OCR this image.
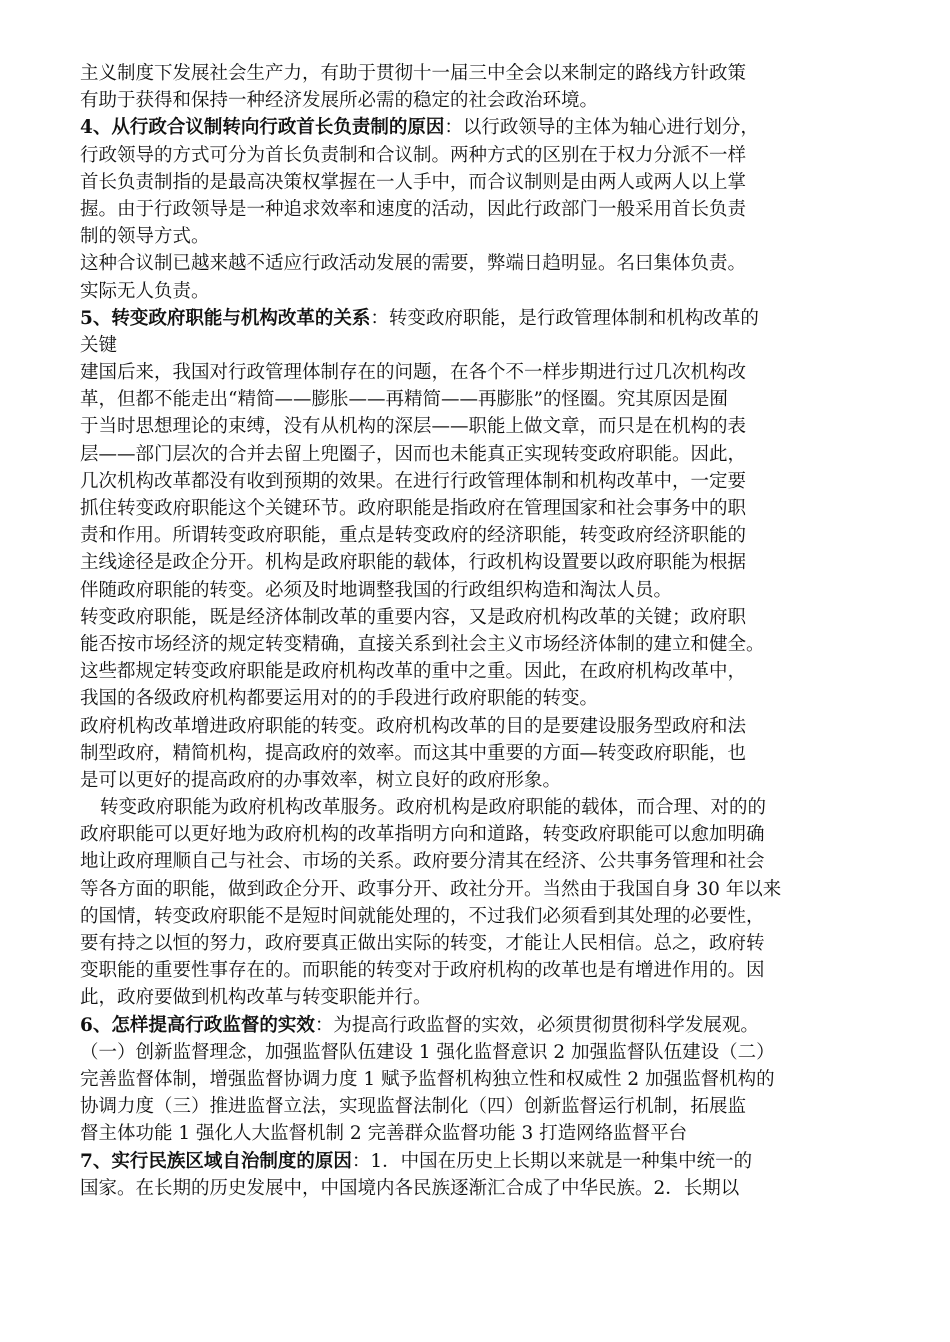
主义制度下发展社会生产力，有助于贯彻十一届三中全会以来制定的路线方针政策
有助于获得和保持一种经济发展所必需的稳定的社会政治环境。
4、从行政合议制转向行政首长负责制的原因：以行政领导的主体为轴心进行划分，
行政领导的方式可分为首长负责制和合议制。两种方式的区别在于权力分派不一样
首长负责制指的是最高决策权掌握在一人手中，而合议制则是由两人或两人以上掌
握。由于行政领导是一种追求效率和速度的活动，因此行政部门一般采用首长负责
制的领导方式。
这种合议制已越来越不适应行政活动发展的需要，弊端日趋明显。名曰集体负责。
实际无人负责。
5、转变政府职能与机构改革的关系：转变政府职能，是行政管理体制和机构改革的
关键
建国后来，我国对行政管理体制存在的问题，在各个不一样步期进行过几次机构改
革，但都不能走出“精简——膨胀——再精简——再膨胀”的怪圈。究其原因是囿
于当时思想理论的束缚，没有从机构的深层——职能上做文章，而只是在机构的表
层——部门层次的合并去留上兜圈子，因而也未能真正实现转变政府职能。因此，
几次机构改革都没有收到预期的效果。在进行行政管理体制和机构改革中，一定要
抓住转变政府职能这个关键环节。政府职能是指政府在管理国家和社会事务中的职
责和作用。所谓转变政府职能，重点是转变政府的经济职能，转变政府经济职能的
主线途径是政企分开。机构是政府职能的载体，行政机构设置要以政府职能为根据
伴随政府职能的转变。必须及时地调整我国的行政组织构造和淘汰人员。
转变政府职能，既是经济体制改革的重要内容，又是政府机构改革的关键；政府职
能否按市场经济的规定转变精确，直接关系到社会主义市场经济体制的建立和健全。
这些都规定转变政府职能是政府机构改革的重中之重。因此，在政府机构改革中，
我国的各级政府机构都要运用对的的手段进行政府职能的转变。
政府机构改革增进政府职能的转变。政府机构改革的目的是要建设服务型政府和法
制型政府，精简机构，提高政府的效率。而这其中重要的方面—转变政府职能，也
是可以更好的提高政府的办事效率，树立良好的政府形象。
转变政府职能为政府机构改革服务。政府机构是政府职能的载体，而合理、对的的
政府职能可以更好地为政府机构的改革指明方向和道路，转变政府职能可以愈加明确
地让政府理顺自己与社会、市场的关系。政府要分清其在经济、公共事务管理和社会
等各方面的职能，做到政企分开、政事分开、政社分开。当然由于我国自身 30 年以来
的国情，转变政府职能不是短时间就能处理的，不过我们必须看到其处理的必要性，
要有持之以恒的努力，政府要真正做出实际的转变，才能让人民相信。总之，政府转
变职能的重要性事存在的。而职能的转变对于政府机构的改革也是有增进作用的。因
此，政府要做到机构改革与转变职能并行。
6、怎样提高行政监督的实效：为提高行政监督的实效，必须贯彻贯彻科学发展观。
（一）创新监督理念，加强监督队伍建设 1 强化监督意识 2 加强监督队伍建设（二）
完善监督体制，增强监督协调力度 1 赋予监督机构独立性和权威性 2 加强监督机构的
协调力度（三）推进监督立法，实现监督法制化（四）创新监督运行机制，拓展监
督主体功能 1 强化人大监督机制 2 完善群众监督功能 3 打造网络监督平台
7、实行民族区域自治制度的原因：1．中国在历史上长期以来就是一种集中统一的
国家。在长期的历史发展中，中国境内各民族逐渐汇合成了中华民族。2．长期以
